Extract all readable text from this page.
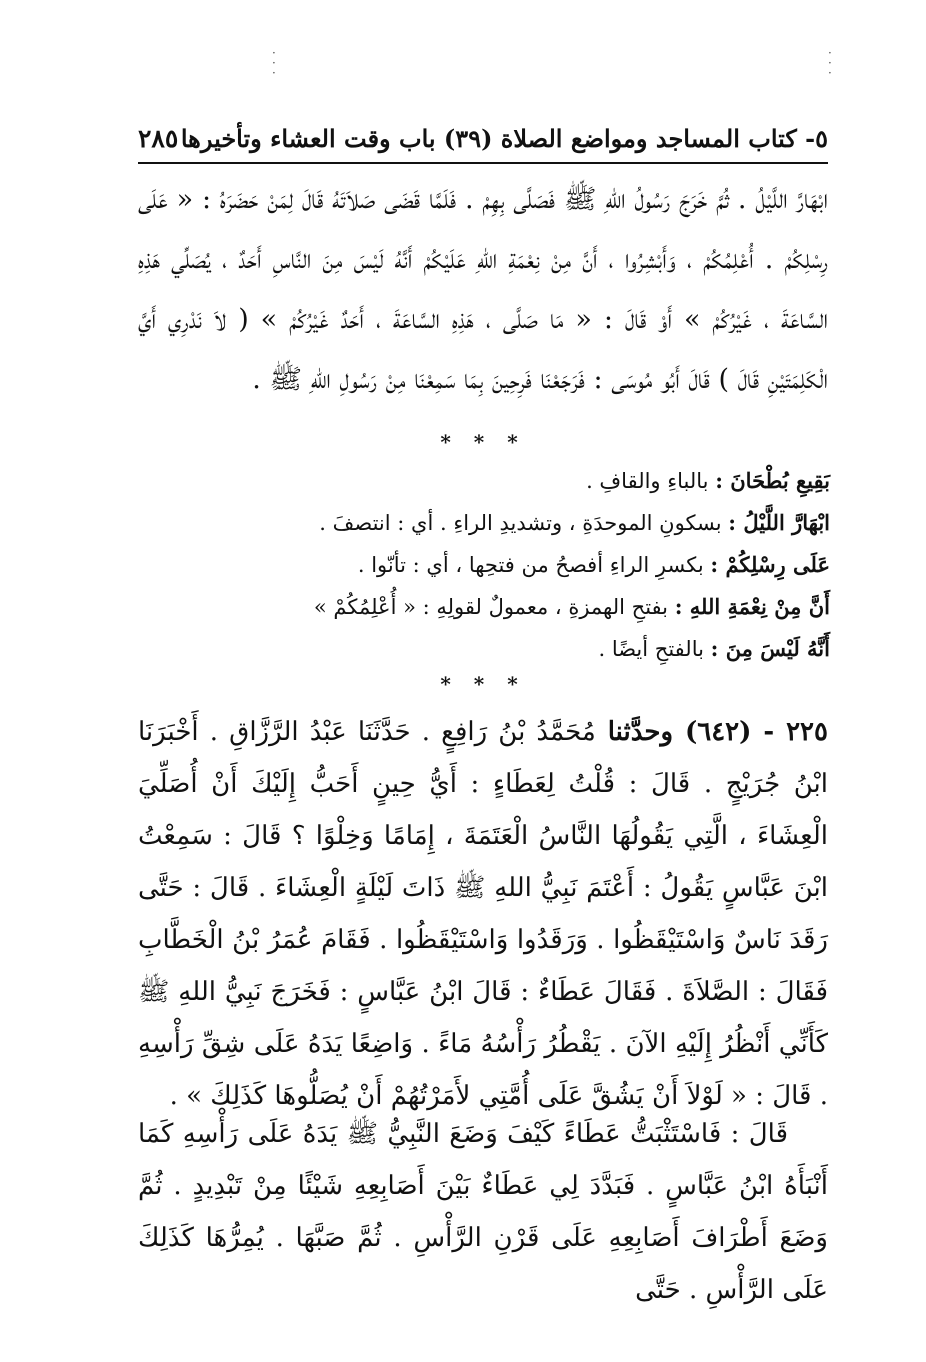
·
·
·
·
·
·
٥- كتاب المساجد ومواضع الصلاة (٣٩) باب وقت العشاء وتأخيرها
٢٨٥
ابْهَارَّ اللَّيْلُ . ثُمَّ خَرَجَ رَسُولُ اللهِ ﷺ فَصَلَّى بِهِمْ . فَلَمَّا قَضَى صَلاَتَهُ قَالَ لِمَنْ حَضَرَهُ : « عَلَى رِسْلِكُمْ . أُعْلِمُكُمْ ، وَأَبْشِرُوا ، أَنَّ مِنْ نِعْمَةِ اللهِ عَلَيْكُمْ أَنَّهُ لَيْسَ مِنَ النَّاسِ أَحَدٌ ، يُصَلِّي هَذِهِ السَّاعَةَ ، غَيْرُكُمْ » أَوْ قَالَ : « مَا صَلَّى ، هَذِهِ السَّاعَةَ ، أَحَدٌ غَيْرُكُمْ » ( لاَ نَدْرِي أَيَّ الْكَلِمَتَيْنِ قَالَ ) قَالَ أَبُو مُوسَى : فَرَجَعْنَا فَرِحِينَ بِمَا سَمِعْنَا مِنْ رَسُولِ اللهِ ﷺ .
* * *
بَقِيعِ بُطْحَانَ : بالباءِ والقافِ .
ابْهَارَّ اللَّيْلُ : بسكونِ الموحدَةِ ، وتشديدِ الراءِ . أي : انتصفَ .
عَلَى رِسْلِكُمْ : بكسرِ الراءِ أفصحُ من فتحِها ، أي : تأنّوا .
أَنَّ مِنْ نِعْمَةِ اللهِ : بفتحِ الهمزةِ ، معمولٌ لقولِهِ : « أُعْلِمُكُمْ »
أَنَّهُ لَيْسَ مِنَ : بالفتحِ أيضًا .
* * *
٢٢٥ - (٦٤٢) وحدَّثنا مُحَمَّدُ بْنُ رَافِعٍ . حَدَّثَنَا عَبْدُ الرَّزَّاقِ . أَخْبَرَنَا ابْنُ جُرَيْجٍ . قَالَ : قُلْتُ لِعَطَاءٍ : أَيُّ حِينٍ أَحَبُّ إِلَيْكَ أَنْ أُصَلِّيَ الْعِشَاءَ ، الَّتِي يَقُولُهَا النَّاسُ الْعَتَمَةَ ، إِمَامًا وَخِلْوًا ؟ قَالَ : سَمِعْتُ ابْنَ عَبَّاسٍ يَقُولُ : أَعْتَمَ نَبِيُّ اللهِ ﷺ ذَاتَ لَيْلَةٍ الْعِشَاءَ . قَالَ : حَتَّى رَقَدَ نَاسٌ وَاسْتَيْقَظُوا . وَرَقَدُوا وَاسْتَيْقَظُوا . فَقَامَ عُمَرُ بْنُ الْخَطَّابِ فَقَالَ : الصَّلاَةَ . فَقَالَ عَطَاءٌ : قَالَ ابْنُ عَبَّاسٍ : فَخَرَجَ نَبِيُّ اللهِ ﷺ كَأَنِّي أَنْظُرُ إِلَيْهِ الآنَ . يَقْطُرُ رَأْسُهُ مَاءً . وَاضِعًا يَدَهُ عَلَى شِقِّ رَأْسِهِ . قَالَ : « لَوْلاَ أَنْ يَشُقَّ عَلَى أُمَّتِي لأَمَرْتُهُمْ أَنْ يُصَلُّوهَا كَذَلِكَ » .
قَالَ : فَاسْتَثْبَتُّ عَطَاءً كَيْفَ وَضَعَ النَّبِيُّ ﷺ يَدَهُ عَلَى رَأْسِهِ كَمَا أَنْبَأَهُ ابْنُ عَبَّاسٍ . فَبَدَّدَ لِي عَطَاءٌ بَيْنَ أَصَابِعِهِ شَيْئًا مِنْ تَبْدِيدٍ . ثُمَّ وَضَعَ أَطْرَافَ أَصَابِعِهِ عَلَى قَرْنِ الرَّأْسِ . ثُمَّ صَبَّهَا . يُمِرُّهَا كَذَلِكَ عَلَى الرَّأْسِ . حَتَّى
